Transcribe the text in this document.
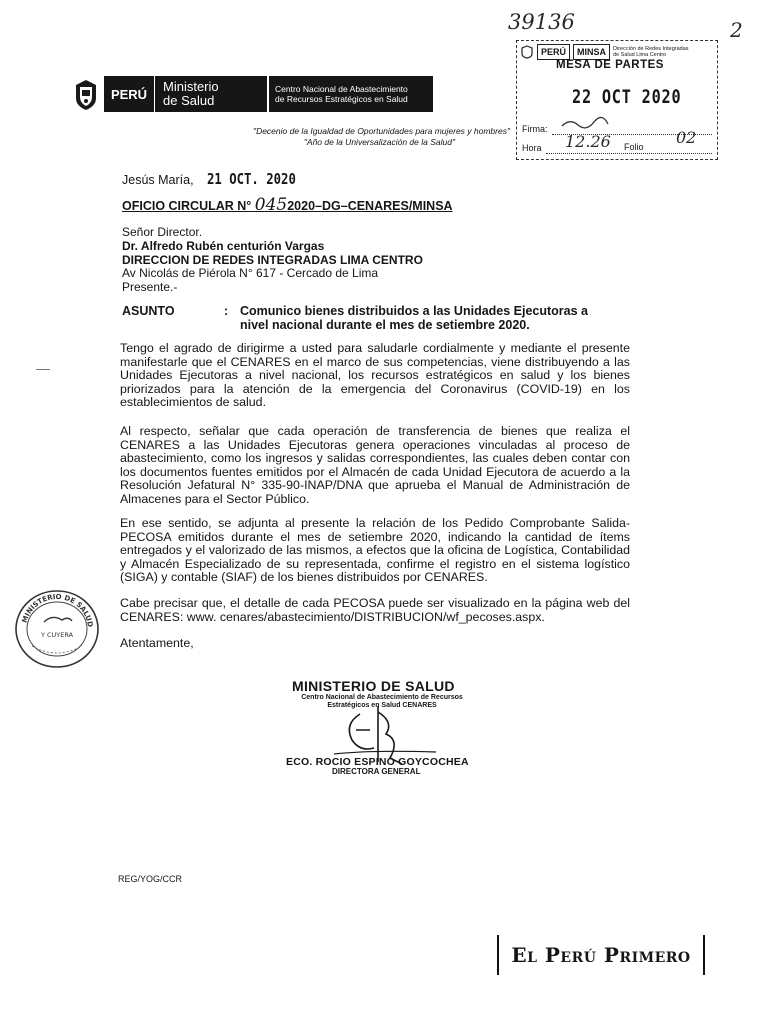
39136	2
PERÚ	Ministerio
de Salud
Centro Nacional de Abastecimiento
de Recursos Estratégicos en Salud
"Decenio de la Igualdad de Oportunidades para mujeres y hombres"
"Año de la Universalización de la Salud"
PERÚ	MINSA	Dirección de Redes Integradas de Salud Lima Centro
MESA DE PARTES
22 OCT 2020
Firma:
Hora 12.26 Folio 02
Jesús María, 21 OCT. 2020
OFICIO CIRCULAR N° 0452020–DG–CENARES/MINSA
Señor Director.
Dr. Alfredo Rubén centurión Vargas
DIRECCION DE REDES INTEGRADAS LIMA CENTRO
Av Nicolás de Piérola N° 617 - Cercado de Lima
Presente.-
ASUNTO	: Comunico bienes distribuidos a las Unidades Ejecutoras a nivel nacional durante el mes de setiembre 2020.
Tengo el agrado de dirigirme a usted para saludarle cordialmente y mediante el presente manifestarle que el CENARES en el marco de sus competencias, viene distribuyendo a las Unidades Ejecutoras a nivel nacional, los recursos estratégicos en salud y los bienes priorizados para la atención de la emergencia del Coronavirus (COVID-19) en los establecimientos de salud.
Al respecto, señalar que cada operación de transferencia de bienes que realiza el CENARES a las Unidades Ejecutoras genera operaciones vinculadas al proceso de abastecimiento, como los ingresos y salidas correspondientes, las cuales deben contar con los documentos fuentes emitidos por el Almacén de cada Unidad Ejecutora de acuerdo a la Resolución Jefatural N° 335-90-INAP/DNA que aprueba el Manual de Administración de Almacenes para el Sector Público.
En ese sentido, se adjunta al presente la relación de los Pedido Comprobante Salida-PECOSA emitidos durante el mes de setiembre 2020, indicando la cantidad de ítems entregados y el valorizado de las mismos, a efectos que la oficina de Logística, Contabilidad y Almacén Especializado de su representada, confirme el registro en el sistema logístico (SIGA) y contable (SIAF) de los bienes distribuidos por CENARES.
Cabe precisar que, el detalle de cada PECOSA puede ser visualizado en la página web del CENARES: www. cenares/abastecimiento/DISTRIBUCION/wf_pecoses.aspx.
Atentamente,
MINISTERIO DE SALUD
Y CUYERA
MINISTERIO DE SALUD
Centro Nacional de Abastecimiento de Recursos
Estratégicos en Salud CENARES
ECO. ROCIO ESPINO GOYCOCHEA
DIRECTORA GENERAL
REG/YOG/CCR
El Perú Primero
